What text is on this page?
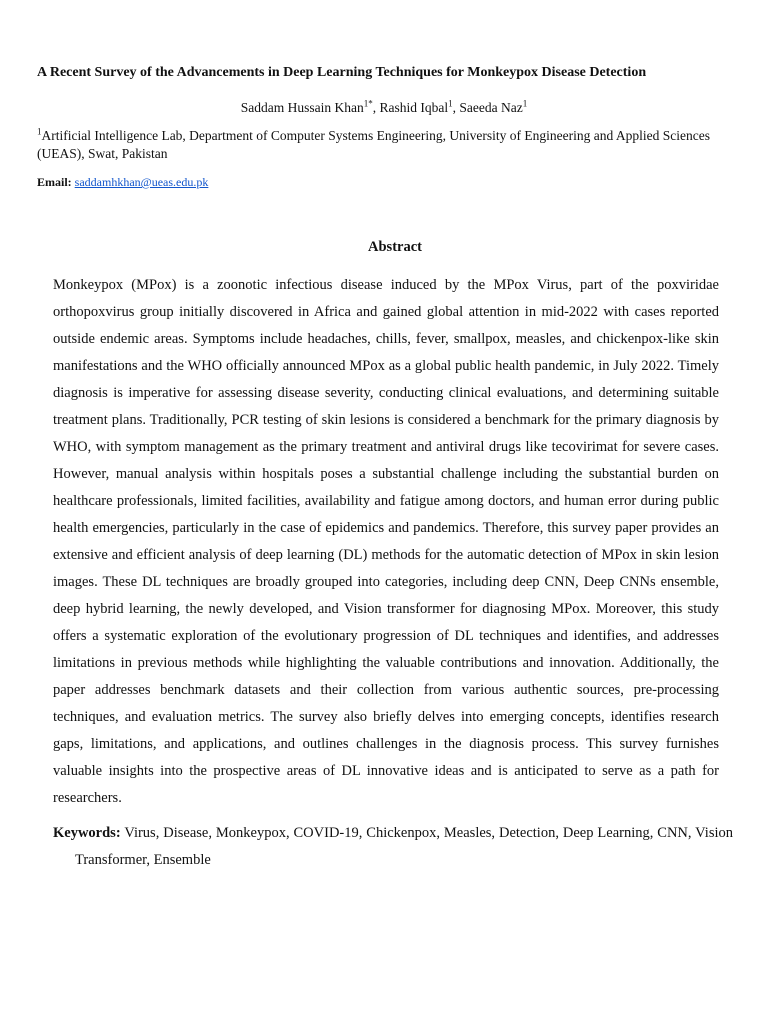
A Recent Survey of the Advancements in Deep Learning Techniques for Monkeypox Disease Detection
Saddam Hussain Khan$^{1*}$, Rashid Iqbal$^1$, Saeeda Naz$^1$
$^1$Artificial Intelligence Lab, Department of Computer Systems Engineering, University of Engineering and Applied Sciences (UEAS), Swat, Pakistan
Email: saddamhkhan@ueas.edu.pk
Abstract

Monkeypox (MPox) is a zoonotic infectious disease induced by the MPox Virus, part of the poxviridae orthopoxvirus group initially discovered in Africa and gained global attention in mid-2022 with cases reported outside endemic areas. Symptoms include headaches, chills, fever, smallpox, measles, and chickenpox-like skin manifestations and the WHO officially announced MPox as a global public health pandemic, in July 2022. Timely diagnosis is imperative for assessing disease severity, conducting clinical evaluations, and determining suitable treatment plans. Traditionally, PCR testing of skin lesions is considered a benchmark for the primary diagnosis by WHO, with symptom management as the primary treatment and antiviral drugs like tecovirimat for severe cases. However, manual analysis within hospitals poses a substantial challenge including the substantial burden on healthcare professionals, limited facilities, availability and fatigue among doctors, and human error during public health emergencies, particularly in the case of epidemics and pandemics. Therefore, this survey paper provides an extensive and efficient analysis of deep learning (DL) methods for the automatic detection of MPox in skin lesion images. These DL techniques are broadly grouped into categories, including deep CNN, Deep CNNs ensemble, deep hybrid learning, the newly developed, and Vision transformer for diagnosing MPox. Moreover, this study offers a systematic exploration of the evolutionary progression of DL techniques and identifies, and addresses limitations in previous methods while highlighting the valuable contributions and innovation. Additionally, the paper addresses benchmark datasets and their collection from various authentic sources, pre-processing techniques, and evaluation metrics. The survey also briefly delves into emerging concepts, identifies research gaps, limitations, and applications, and outlines challenges in the diagnosis process. This survey furnishes valuable insights into the prospective areas of DL innovative ideas and is anticipated to serve as a path for researchers.

Keywords: Virus, Disease, Monkeypox, COVID-19, Chickenpox, Measles, Detection, Deep Learning, CNN, Vision Transformer, Ensemble
